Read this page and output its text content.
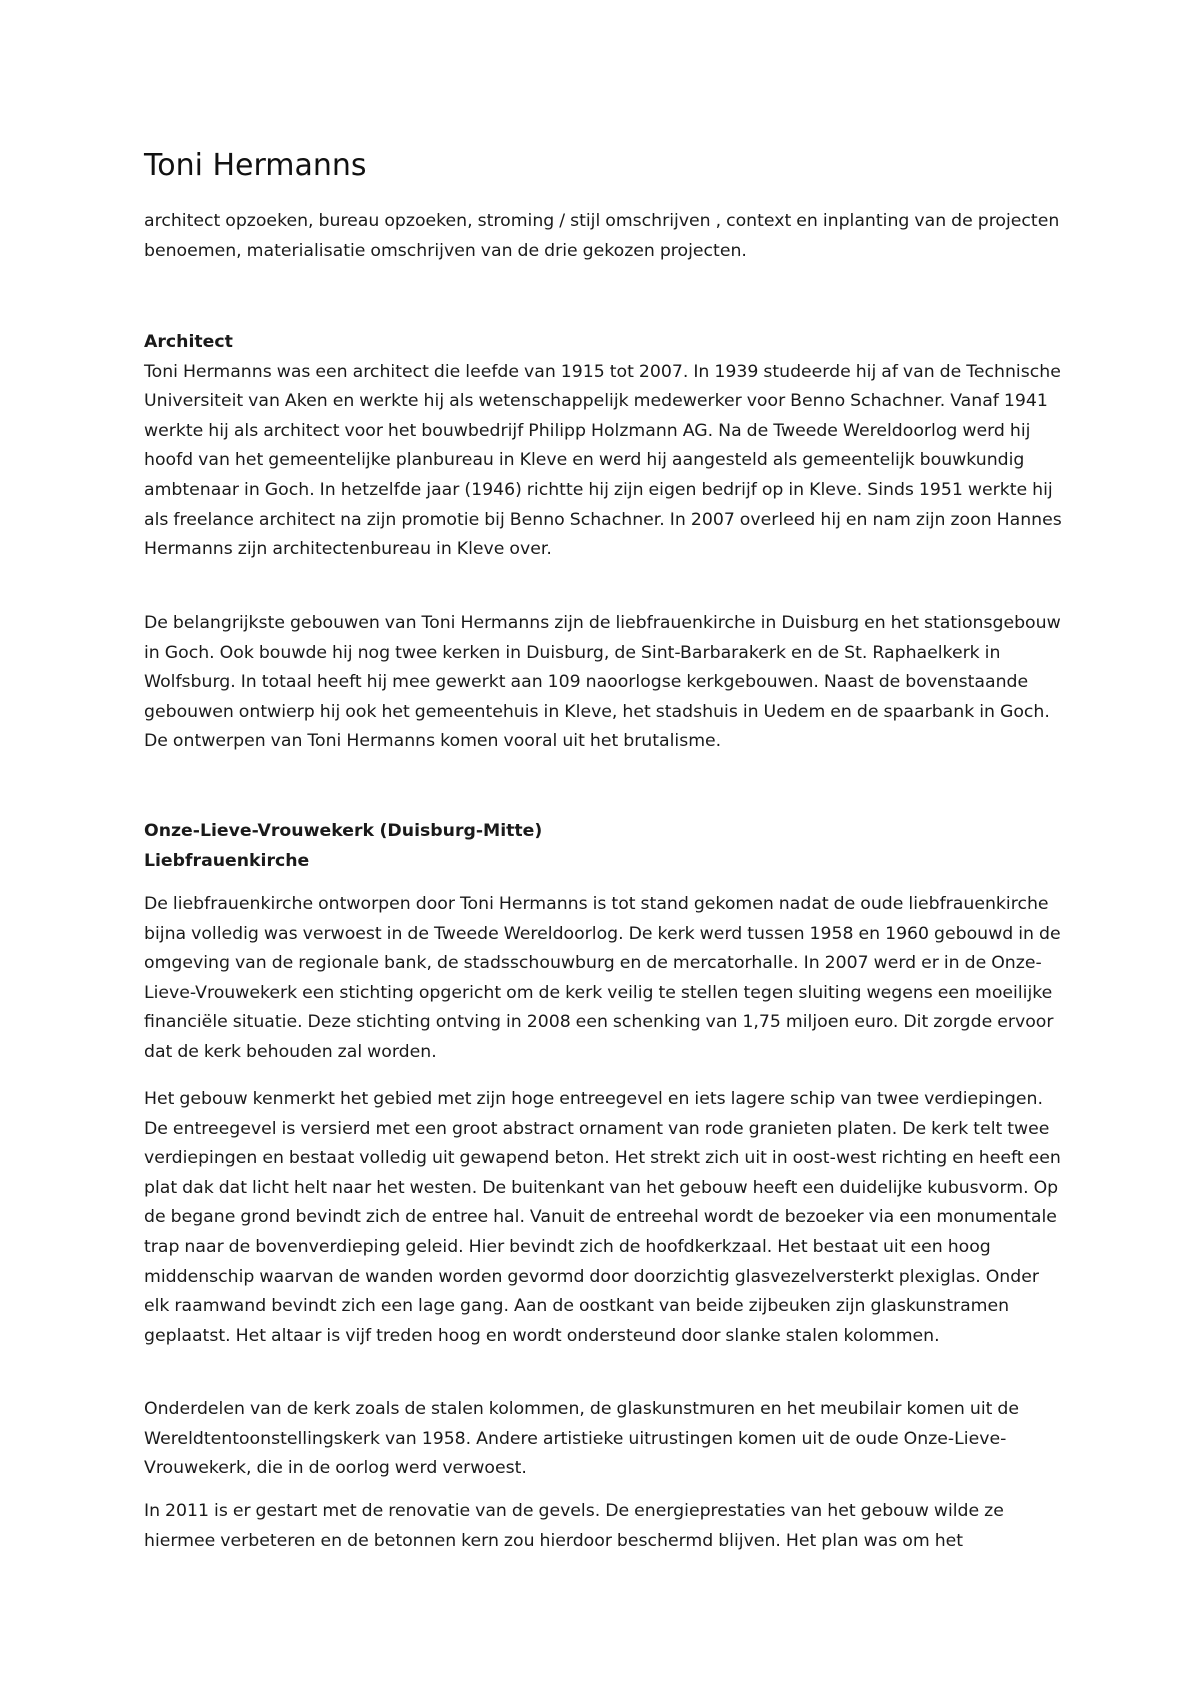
Toni Hermanns

architect opzoeken, bureau opzoeken, stroming / stijl omschrijven , context en inplanting van de projecten benoemen, materialisatie omschrijven van de drie gekozen projecten.

Architect
Toni Hermanns was een architect die leefde van 1915 tot 2007. In 1939 studeerde hij af van de Technische Universiteit van Aken en werkte hij als wetenschappelijk medewerker voor Benno Schachner. Vanaf 1941 werkte hij als architect voor het bouwbedrijf Philipp Holzmann AG. Na de Tweede Wereldoorlog werd hij hoofd van het gemeentelijke planbureau in Kleve en werd hij aangesteld als gemeentelijk bouwkundig ambtenaar in Goch. In hetzelfde jaar (1946) richtte hij zijn eigen bedrijf op in Kleve. Sinds 1951 werkte hij als freelance architect na zijn promotie bij Benno Schachner. In 2007 overleed hij en nam zijn zoon Hannes Hermanns zijn architectenbureau in Kleve over.

De belangrijkste gebouwen van Toni Hermanns zijn de liebfrauenkirche in Duisburg en het stationsgebouw in Goch. Ook bouwde hij nog twee kerken in Duisburg, de Sint-Barbarakerk en de St. Raphaelkerk in Wolfsburg. In totaal heeft hij mee gewerkt aan 109 naoorlogse kerkgebouwen. Naast de bovenstaande gebouwen ontwierp hij ook het gemeentehuis in Kleve, het stadshuis in Uedem en de spaarbank in Goch. De ontwerpen van Toni Hermanns komen vooral uit het brutalisme.

Onze-Lieve-Vrouwekerk (Duisburg-Mitte)
Liebfrauenkirche

De liebfrauenkirche ontworpen door Toni Hermanns is tot stand gekomen nadat de oude liebfrauenkirche bijna volledig was verwoest in de Tweede Wereldoorlog. De kerk werd tussen 1958 en 1960 gebouwd in de omgeving van de regionale bank, de stadsschouwburg en de mercatorhalle. In 2007 werd er in de Onze-Lieve-Vrouwekerk een stichting opgericht om de kerk veilig te stellen tegen sluiting wegens een moeilijke financiële situatie. Deze stichting ontving in 2008 een schenking van 1,75 miljoen euro. Dit zorgde ervoor dat de kerk behouden zal worden.

Het gebouw kenmerkt het gebied met zijn hoge entreegevel en iets lagere schip van twee verdiepingen. De entreegevel is versierd met een groot abstract ornament van rode granieten platen. De kerk telt twee verdiepingen en bestaat volledig uit gewapend beton. Het strekt zich uit in oost-west richting en heeft een plat dak dat licht helt naar het westen. De buitenkant van het gebouw heeft een duidelijke kubusvorm. Op de begane grond bevindt zich de entree hal. Vanuit de entreehal wordt de bezoeker via een monumentale trap naar de bovenverdieping geleid. Hier bevindt zich de hoofdkerkzaal. Het bestaat uit een hoog middenschip waarvan de wanden worden gevormd door doorzichtig glasvezelversterkt plexiglas. Onder elk raamwand bevindt zich een lage gang. Aan de oostkant van beide zijbeuken zijn glaskunstramen geplaatst. Het altaar is vijf treden hoog en wordt ondersteund door slanke stalen kolommen.

Onderdelen van de kerk zoals de stalen kolommen, de glaskunstmuren en het meubilair komen uit de Wereldtentoonstellingskerk van 1958. Andere artistieke uitrustingen komen uit de oude Onze-Lieve-Vrouwekerk, die in de oorlog werd verwoest.

In 2011 is er gestart met de renovatie van de gevels. De energieprestaties van het gebouw wilde ze hiermee verbeteren en de betonnen kern zou hierdoor beschermd blijven. Het plan was om het
